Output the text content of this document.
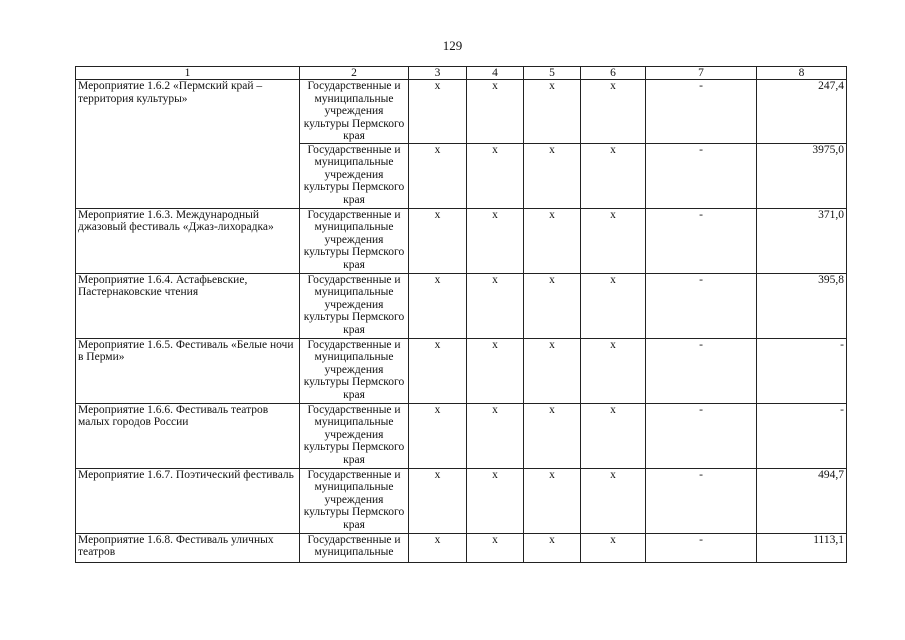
129
1	2	3	4	5	6	7	8
Мероприятие 1.6.2 «Пермский край – территория культуры»	Государственные и муниципальные учреждения культуры Пермского края	х	х	х	х	-	247,4
	Государственные и муниципальные учреждения культуры Пермского края	х	х	х	х	-	3975,0
Мероприятие 1.6.3. Международный джазовый фестиваль «Джаз-лихорадка»	Государственные и муниципальные учреждения культуры Пермского края	х	х	х	х	-	371,0
Мероприятие 1.6.4. Астафьевские, Пастернаковские чтения	Государственные и муниципальные учреждения культуры Пермского края	х	х	х	х	-	395,8
Мероприятие 1.6.5. Фестиваль «Белые ночи в Перми»	Государственные и муниципальные учреждения культуры Пермского края	х	х	х	х	-	-
Мероприятие 1.6.6. Фестиваль театров малых городов России	Государственные и муниципальные учреждения культуры Пермского края	х	х	х	х	-	-
Мероприятие 1.6.7. Поэтический фестиваль	Государственные и муниципальные учреждения культуры Пермского края	х	х	х	х	-	494,7

Мероприятие 1.6.8. Фестиваль уличных театров	Государственные и муниципальные	х	х	х	х	-	1113,1
